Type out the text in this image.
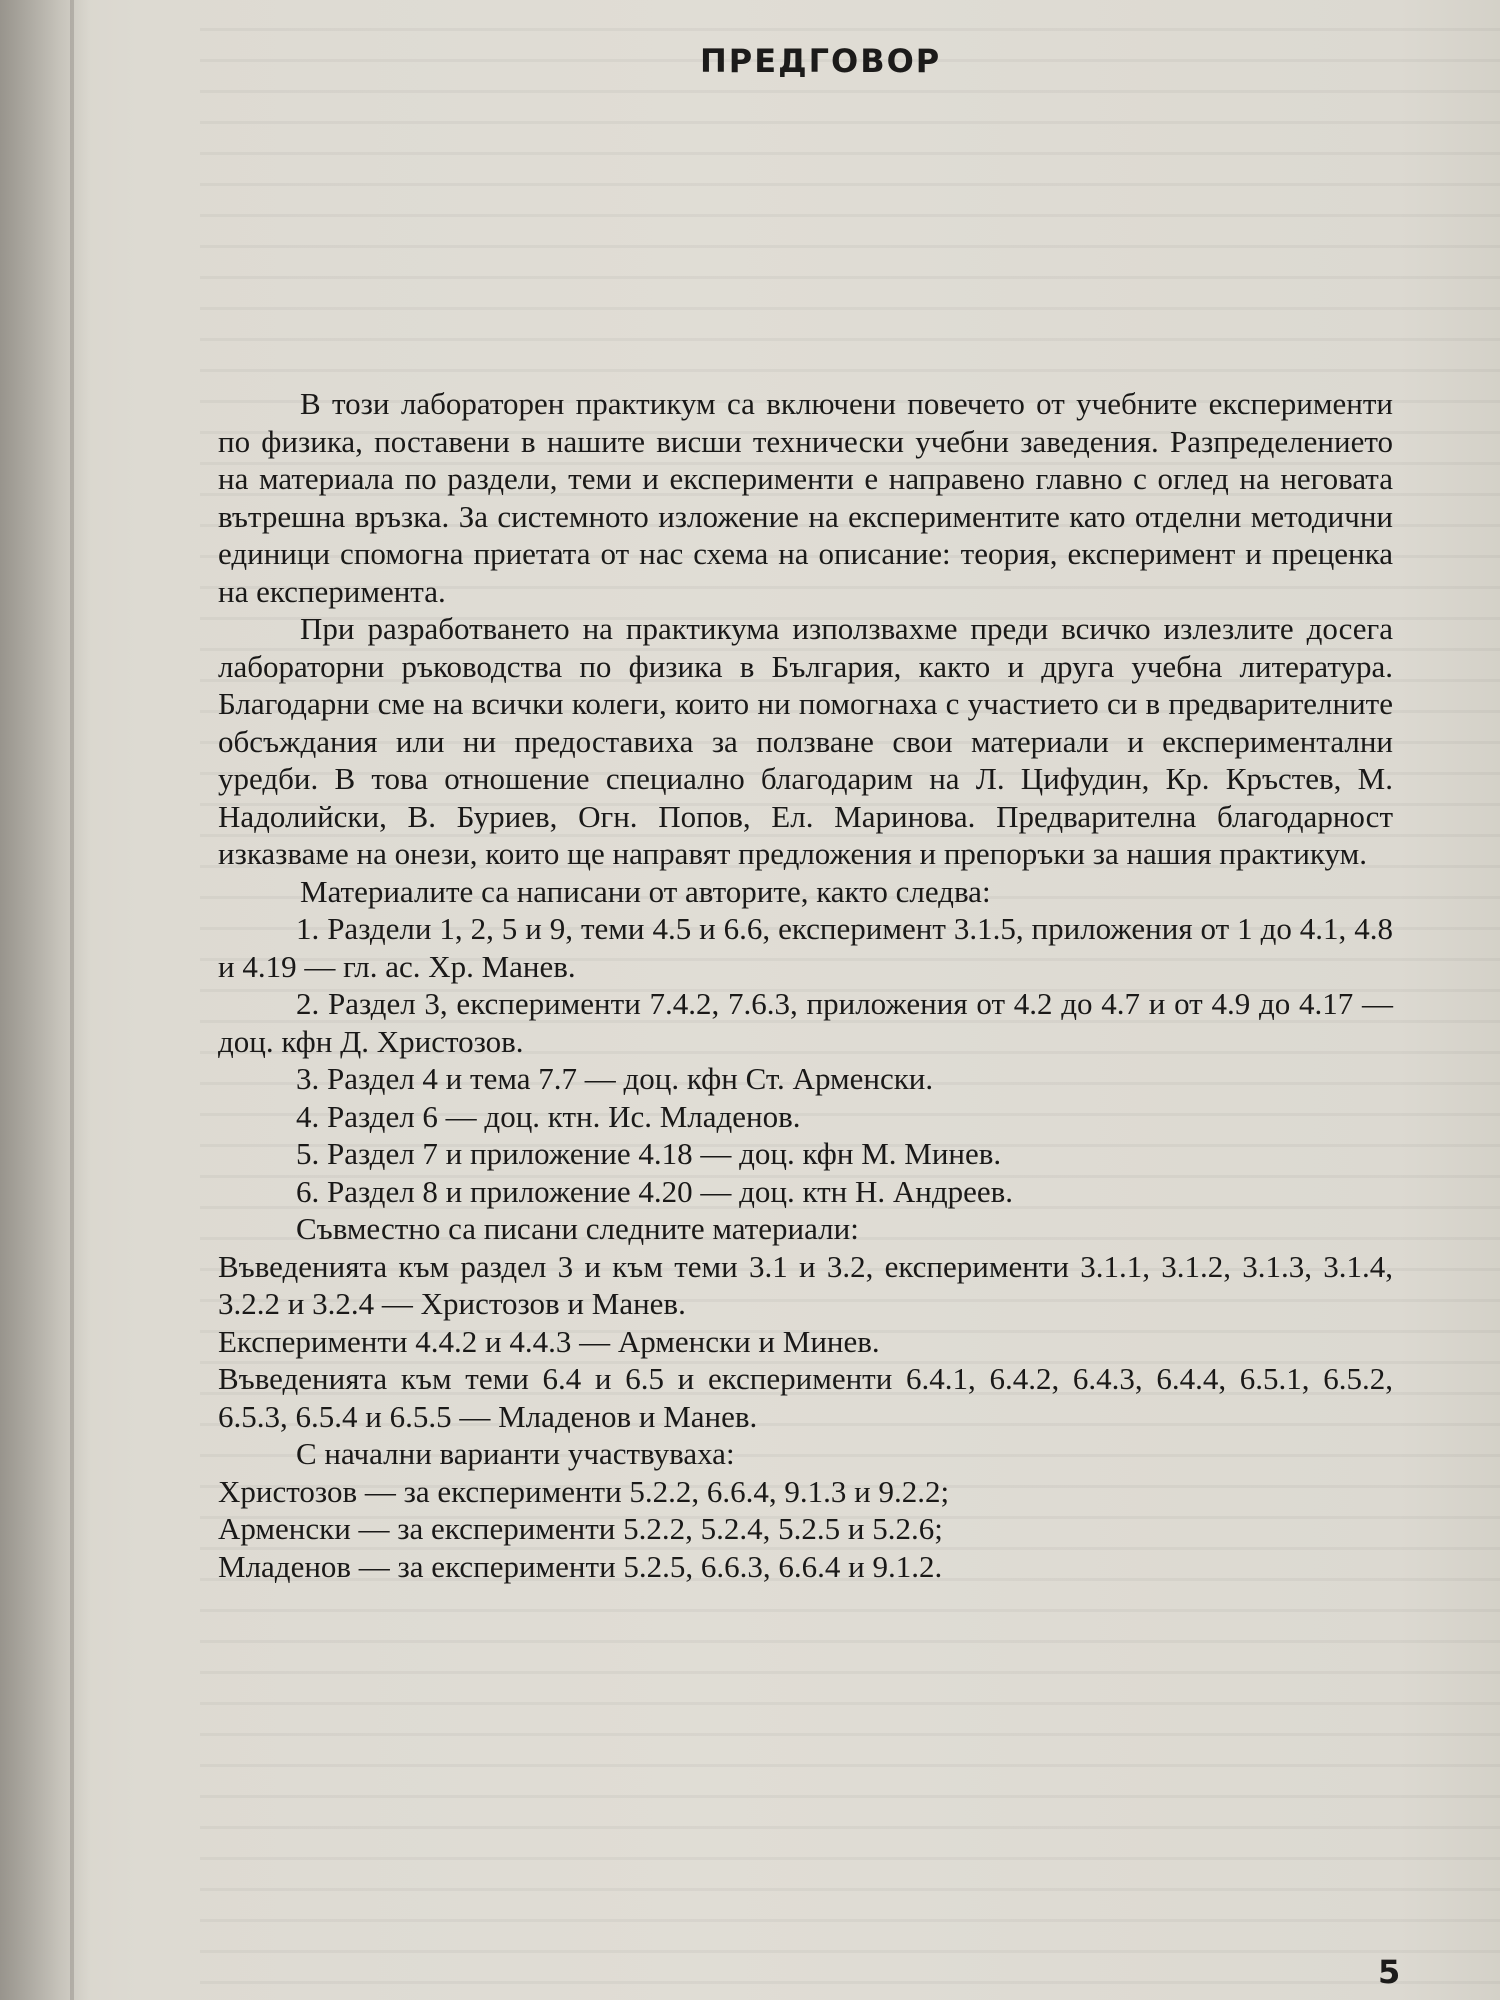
ПРЕДГОВОР

В този лабораторен практикум са включени повечето от учебните експерименти по физика, поставени в нашите висши технически учебни заведения. Разпределението на материала по раздели, теми и експерименти е направено главно с оглед на неговата вътрешна връзка. За системното изложение на експериментите като отделни методични единици спомогна приетата от нас схема на описание: теория, експеримент и преценка на експеримента.

При разработването на практикума използвахме преди всичко излезлите досега лабораторни ръководства по физика в България, както и друга учебна литература. Благодарни сме на всички колеги, които ни помогнаха с участието си в предварителните обсъждания или ни предоставиха за ползване свои материали и експериментални уредби. В това отношение специално благодарим на Л. Цифудин, Кр. Кръстев, М. Надолийски, В. Буриев, Огн. Попов, Ел. Маринова. Предварителна благодарност изказваме на онези, които ще направят предложения и препоръки за нашия практикум.

Материалите са написани от авторите, както следва:

1. Раздели 1, 2, 5 и 9, теми 4.5 и 6.6, експеримент 3.1.5, приложения от 1 до 4.1, 4.8 и 4.19 — гл. ас. Хр. Манев.

2. Раздел 3, експерименти 7.4.2, 7.6.3, приложения от 4.2 до 4.7 и от 4.9 до 4.17 — доц. кфн Д. Христозов.

3. Раздел 4 и тема 7.7 — доц. кфн Ст. Арменски.

4. Раздел 6 — доц. ктн. Ис. Младенов.

5. Раздел 7 и приложение 4.18 — доц. кфн М. Минев.

6. Раздел 8 и приложение 4.20 — доц. ктн Н. Андреев.

Съвместно са писани следните материали:

Въведенията към раздел 3 и към теми 3.1 и 3.2, експерименти 3.1.1, 3.1.2, 3.1.3, 3.1.4, 3.2.2 и 3.2.4 — Христозов и Манев.

Експерименти 4.4.2 и 4.4.3 — Арменски и Минев.

Въведенията към теми 6.4 и 6.5 и експерименти 6.4.1, 6.4.2, 6.4.3, 6.4.4, 6.5.1, 6.5.2, 6.5.3, 6.5.4 и 6.5.5 — Младенов и Манев.

С начални варианти участвуваха:

Христозов — за експерименти 5.2.2, 6.6.4, 9.1.3 и 9.2.2;

Арменски — за експерименти 5.2.2, 5.2.4, 5.2.5 и 5.2.6;

Младенов — за експерименти 5.2.5, 6.6.3, 6.6.4 и 9.1.2.

5
